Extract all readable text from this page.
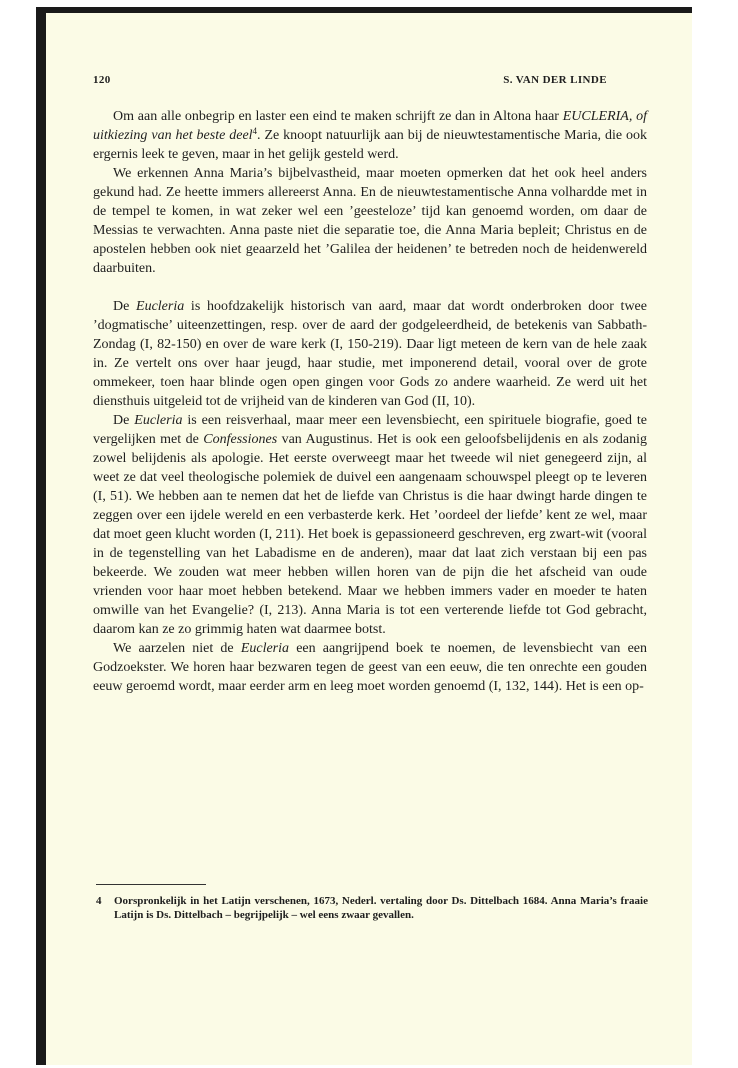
120	S. VAN DER LINDE

Om aan alle onbegrip en laster een eind te maken schrijft ze dan in Altona haar EUCLERIA, of uitkiezing van het beste deel$^4$. Ze knoopt natuurlijk aan bij de nieuwtestamentische Maria, die ook ergernis leek te geven, maar in het gelijk gesteld werd.

We erkennen Anna Maria’s bijbelvastheid, maar moeten opmerken dat het ook heel anders gekund had. Ze heette immers allereerst Anna. En de nieuwtestamentische Anna volhardde met in de tempel te komen, in wat zeker wel een ’geesteloze’ tijd kan genoemd worden, om daar de Messias te verwachten. Anna paste niet die separatie toe, die Anna Maria bepleit; Christus en de apostelen hebben ook niet geaarzeld het ’Galilea der heidenen’ te betreden noch de heidenwereld daarbuiten.

De Eucleria is hoofdzakelijk historisch van aard, maar dat wordt onderbroken door twee ’dogmatische’ uiteenzettingen, resp. over de aard der godgeleerdheid, de betekenis van Sabbath-Zondag (I, 82-150) en over de ware kerk (I, 150-219). Daar ligt meteen de kern van de hele zaak in. Ze vertelt ons over haar jeugd, haar studie, met imponerend detail, vooral over de grote ommekeer, toen haar blinde ogen open gingen voor Gods zo andere waarheid. Ze werd uit het diensthuis uitgeleid tot de vrijheid van de kinderen van God (II, 10).

De Eucleria is een reisverhaal, maar meer een levensbiecht, een spirituele biografie, goed te vergelijken met de Confessiones van Augustinus. Het is ook een geloofsbelijdenis en als zodanig zowel belijdenis als apologie. Het eerste overweegt maar het tweede wil niet genegeerd zijn, al weet ze dat veel theologische polemiek de duivel een aangenaam schouwspel pleegt op te leveren (I, 51). We hebben aan te nemen dat het de liefde van Christus is die haar dwingt harde dingen te zeggen over een ijdele wereld en een verbasterde kerk. Het ’oordeel der liefde’ kent ze wel, maar dat moet geen klucht worden (I, 211). Het boek is gepassioneerd geschreven, erg zwart-wit (vooral in de tegenstelling van het Labadisme en de anderen), maar dat laat zich verstaan bij een pas bekeerde. We zouden wat meer hebben willen horen van de pijn die het afscheid van oude vrienden voor haar moet hebben betekend. Maar we hebben immers vader en moeder te haten omwille van het Evangelie? (I, 213). Anna Maria is tot een verterende liefde tot God gebracht, daarom kan ze zo grimmig haten wat daarmee botst.

We aarzelen niet de Eucleria een aangrijpend boek te noemen, de levensbiecht van een Godzoekster. We horen haar bezwaren tegen de geest van een eeuw, die ten onrechte een gouden eeuw geroemd wordt, maar eerder arm en leeg moet worden genoemd (I, 132, 144). Het is een op-

4	Oorspronkelijk in het Latijn verschenen, 1673, Nederl. vertaling door Ds. Dittelbach 1684. Anna Maria’s fraaie Latijn is Ds. Dittelbach – begrijpelijk – wel eens zwaar gevallen.
